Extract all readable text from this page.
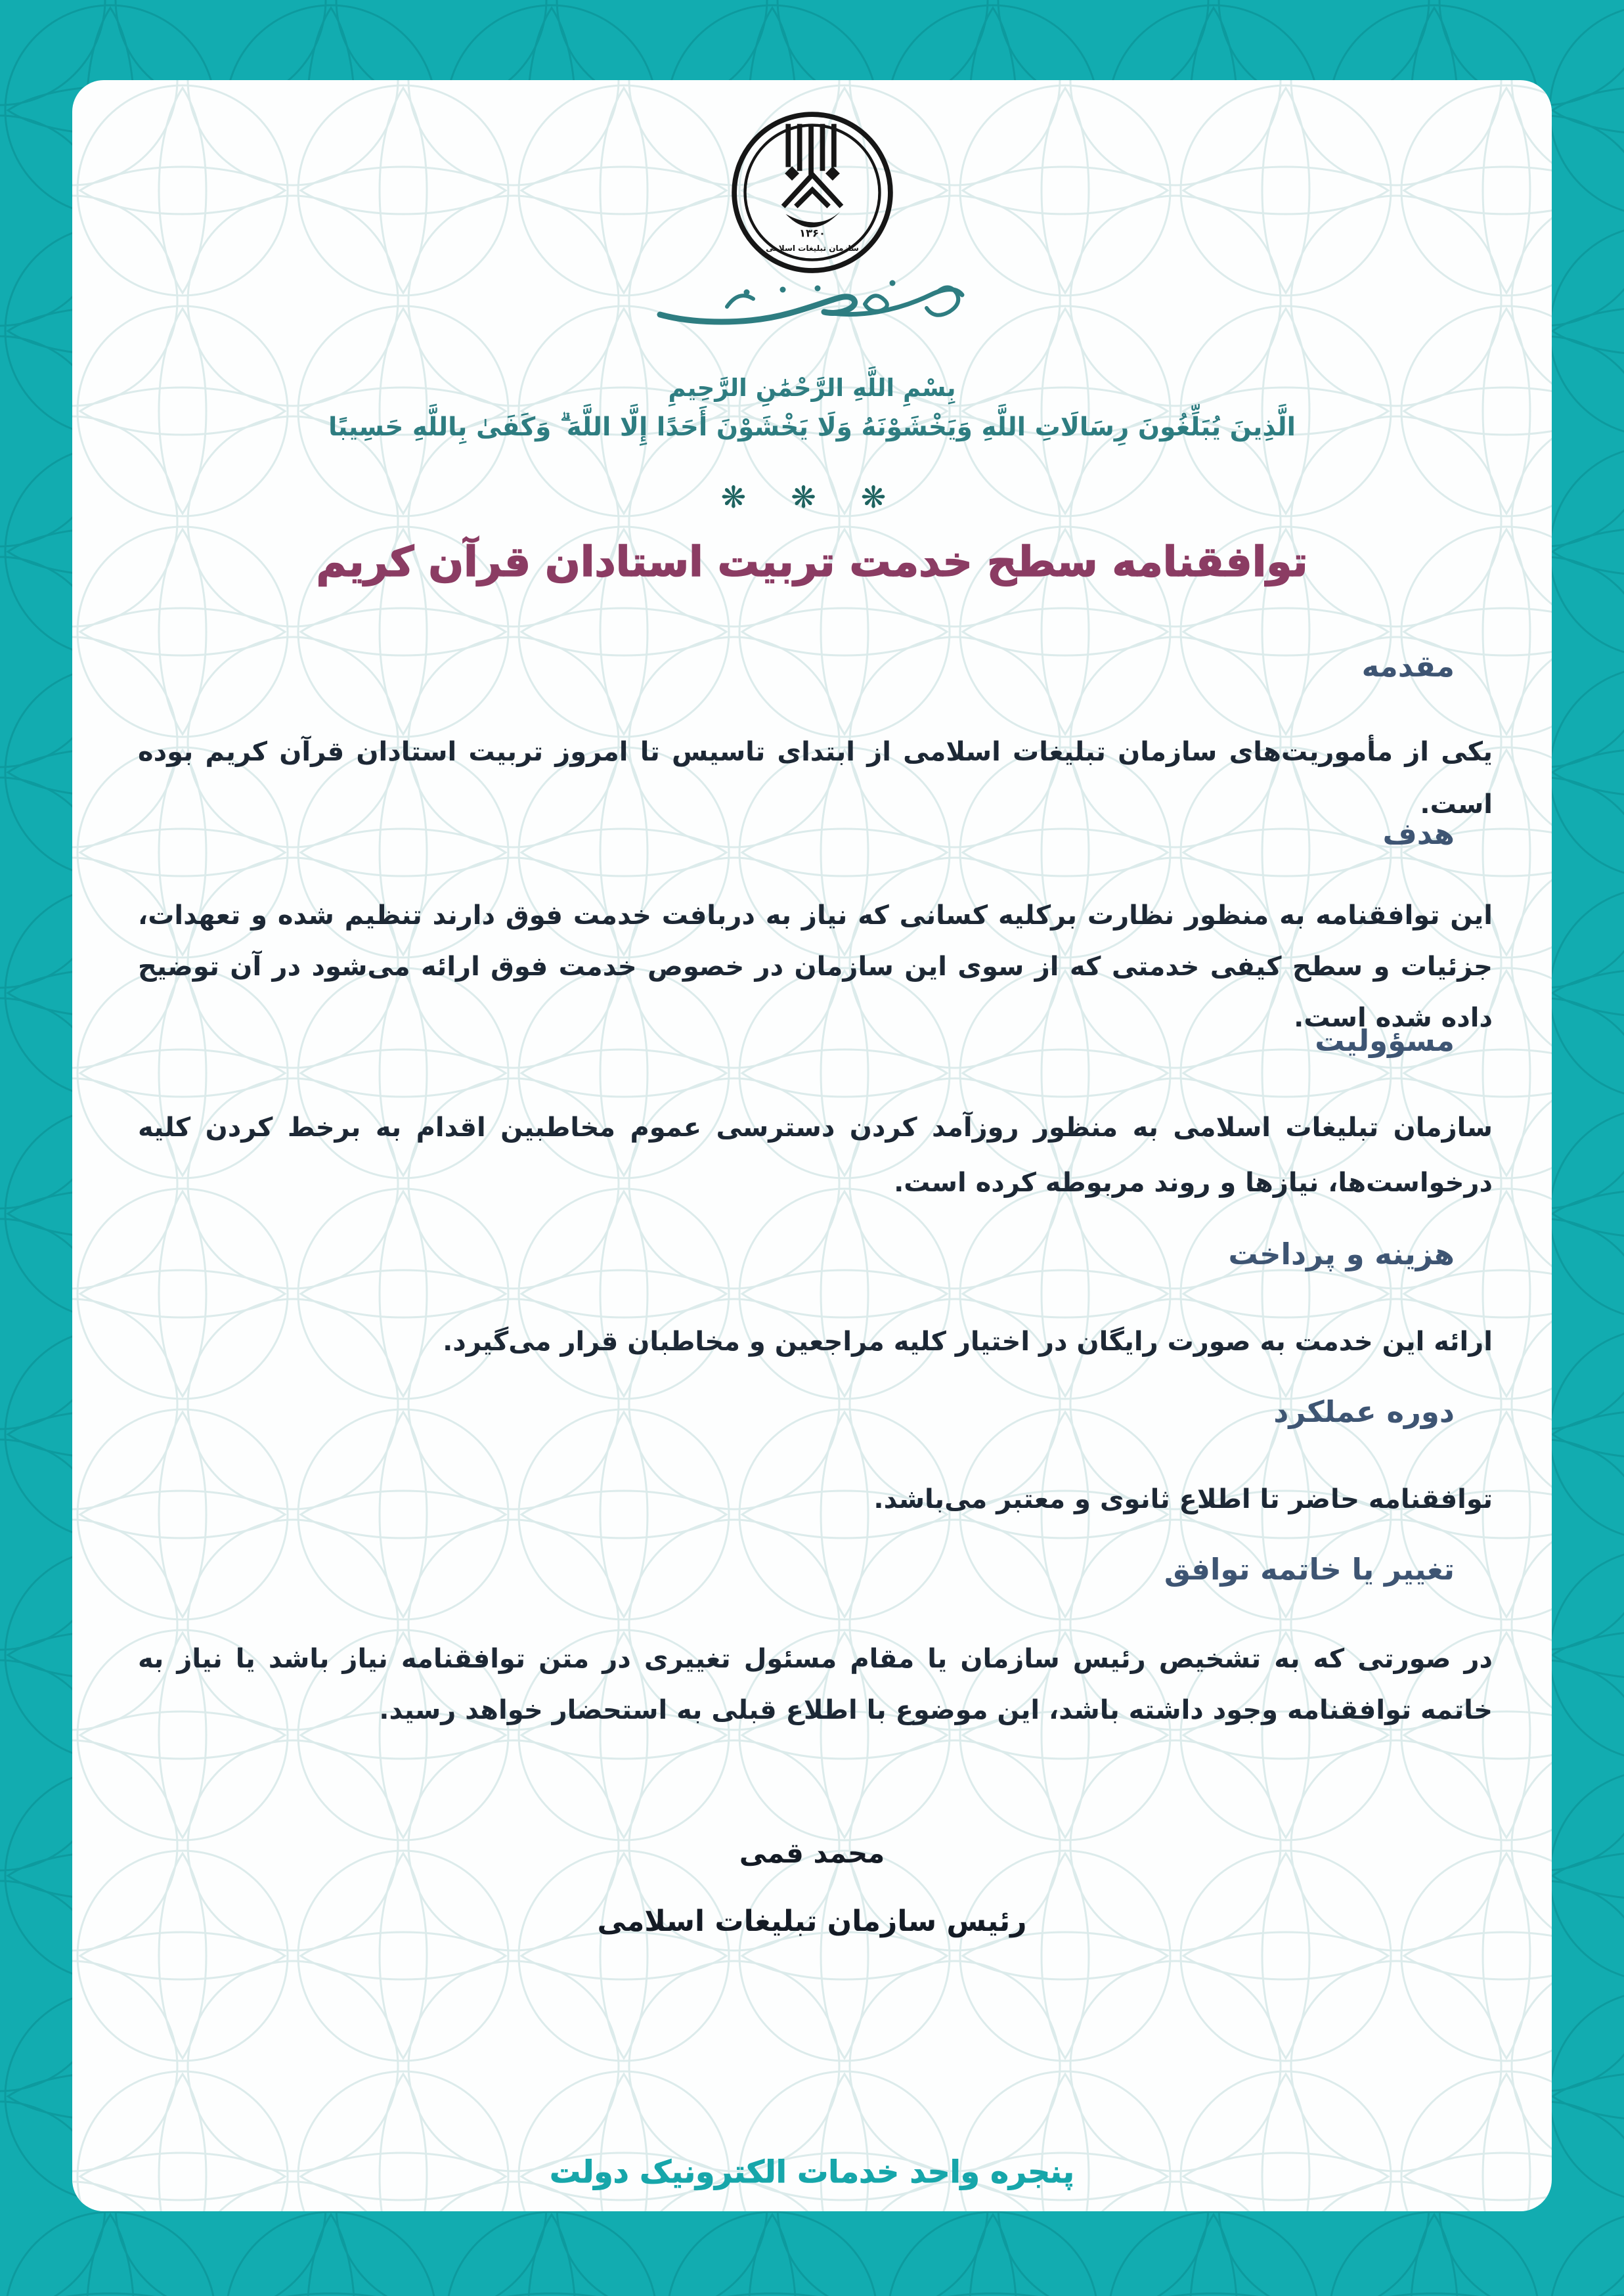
۱۳۶۰
سازمان تبلیغات اسلامی
بِسْمِ اللَّهِ الرَّحْمَٰنِ الرَّحِيمِ
الَّذِينَ يُبَلِّغُونَ رِسَالَاتِ اللَّهِ وَيَخْشَوْنَهُ وَلَا يَخْشَوْنَ أَحَدًا إِلَّا اللَّهَ ۗ وَكَفَىٰ بِاللَّهِ حَسِيبًا
❋ ❋ ❋
توافقنامه سطح خدمت تربیت استادان قرآن کریم
مقدمه
یکی از مأموریت‌های سازمان تبلیغات اسلامی از ابتدای تاسیس تا امروز تربیت استادان قرآن کریم بوده است.
هدف
این توافقنامه به منظور نظارت برکلیه کسانی که نیاز به دربافت خدمت فوق دارند تنظیم شده و تعهدات، جزئیات و سطح کیفی خدمتی که از سوی این سازمان در خصوص خدمت فوق ارائه می‌شود در آن توضیح داده شده است.
مسؤولیت
سازمان تبلیغات اسلامی به منظور روزآمد کردن دسترسی عموم مخاطبین اقدام به برخط کردن کلیه درخواست‌ها، نیازها و روند مربوطه کرده است.
هزینه و پرداخت
ارائه این خدمت به صورت رایگان در اختیار کلیه مراجعین و مخاطبان قرار می‌گیرد.
دوره عملکرد
توافقنامه حاضر تا اطلاع ثانوی و معتبر می‌باشد.
تغییر یا خاتمه توافق
در صورتی که به تشخیص رئیس سازمان یا مقام مسئول تغییری در متن توافقنامه نیاز باشد یا نیاز به خاتمه توافقنامه وجود داشته باشد، این موضوع با اطلاع قبلی به استحضار خواهد رسید.
محمد قمی
رئیس سازمان تبلیغات اسلامی
پنجره واحد خدمات الکترونیک دولت
